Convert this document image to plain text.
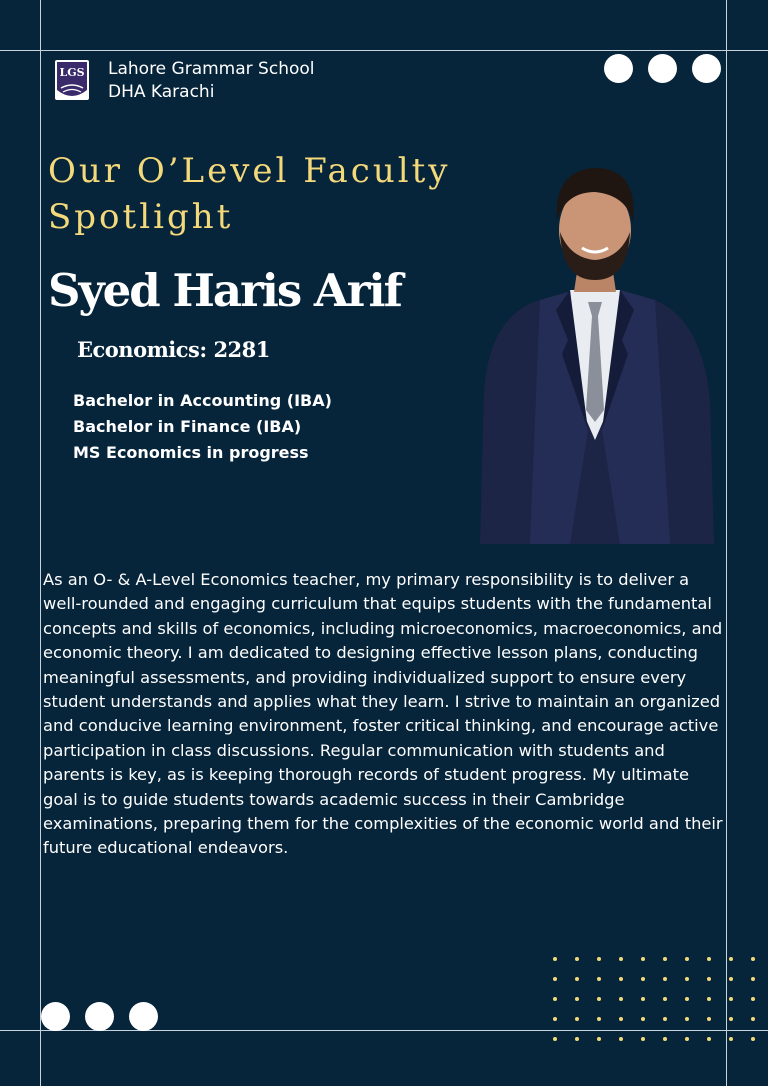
LGS Lahore Grammar School
DHA Karachi
Our O’Level Faculty
Spotlight
Syed Haris Arif
Economics: 2281
Bachelor in Accounting (IBA)
Bachelor in Finance (IBA)
MS Economics in progress

As an O- & A-Level Economics teacher, my primary responsibility is to deliver a well-rounded and engaging curriculum that equips students with the fundamental concepts and skills of economics, including microeconomics, macroeconomics, and economic theory. I am dedicated to designing effective lesson plans, conducting meaningful assessments, and providing individualized support to ensure every student understands and applies what they learn. I strive to maintain an organized and conducive learning environment, foster critical thinking, and encourage active participation in class discussions. Regular communication with students and parents is key, as is keeping thorough records of student progress. My ultimate goal is to guide students towards academic success in their Cambridge examinations, preparing them for the complexities of the economic world and their future educational endeavors.
